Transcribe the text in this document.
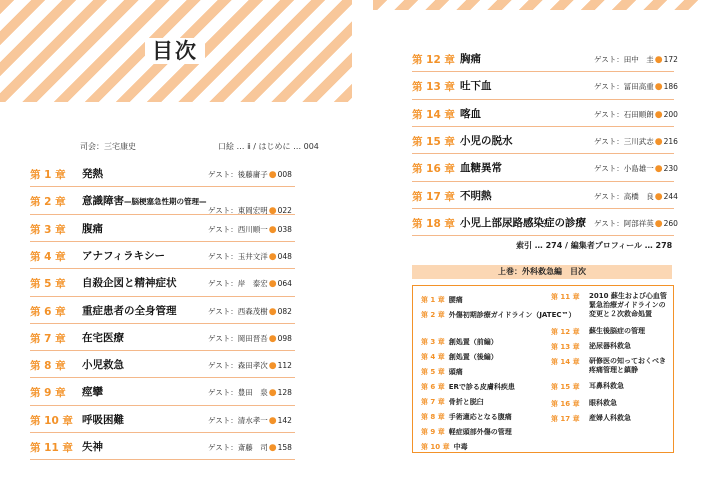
目次
司会：三宅康史	口絵 … ⅱ / はじめに … 004
第 1 章 発熱	ゲスト：後藤庸子●008
第 2 章 意識障害—脳梗塞急性期の管理—
ゲスト：東岡宏明●022
第 3 章 腹痛	ゲスト：西川順一●038
第 4 章 アナフィラキシー	ゲスト：玉井文洋●048
第 5 章 自殺企図と精神症状	ゲスト：岸　泰宏●064
第 6 章 重症患者の全身管理	ゲスト：西森茂樹●082
第 7 章 在宅医療	ゲスト：岡田晋吾●098
第 8 章 小児救急	ゲスト：森田孝次●112
第 9 章 痙攣	ゲスト：豊田　泉●128
第 10 章 呼吸困難	ゲスト：清水孝一●142
第 11 章 失神	ゲスト：斎藤　司●158
第 12 章 胸痛	ゲスト：田中　圭●172
第 13 章 吐下血	ゲスト：冨田高重●186
第 14 章 喀血	ゲスト：石田順朗●200
第 15 章 小児の脱水	ゲスト：三川武志●216
第 16 章 血糖異常	ゲスト：小島雄一●230
第 17 章 不明熱	ゲスト：高橋　良●244
第 18 章 小児上部尿路感染症の診療 ゲスト：阿部祥英●260
索引 … 274 / 編集者プロフィール … 278
上巻：外科救急編　目次
第 1 章 腰痛
第 2 章 外傷初期診療ガイドライン（JATEC™）
第 3 章 創処置（前編）
第 4 章 創処置（後編）
第 5 章 頭痛
第 6 章 ERで診る皮膚科疾患
第 7 章 骨折と脱臼
第 8 章 手術適応となる腹痛
第 9 章 軽症頭部外傷の管理
第 10 章 中毒
第 11 章 2010 蘇生および心血管緊急治療ガイドラインの変更と２次救命処置
第 12 章 蘇生後脳症の管理
第 13 章 泌尿器科救急
第 14 章 研修医の知っておくべき疼痛管理と鎮静
第 15 章 耳鼻科救急
第 16 章 眼科救急
第 17 章 産婦人科救急
